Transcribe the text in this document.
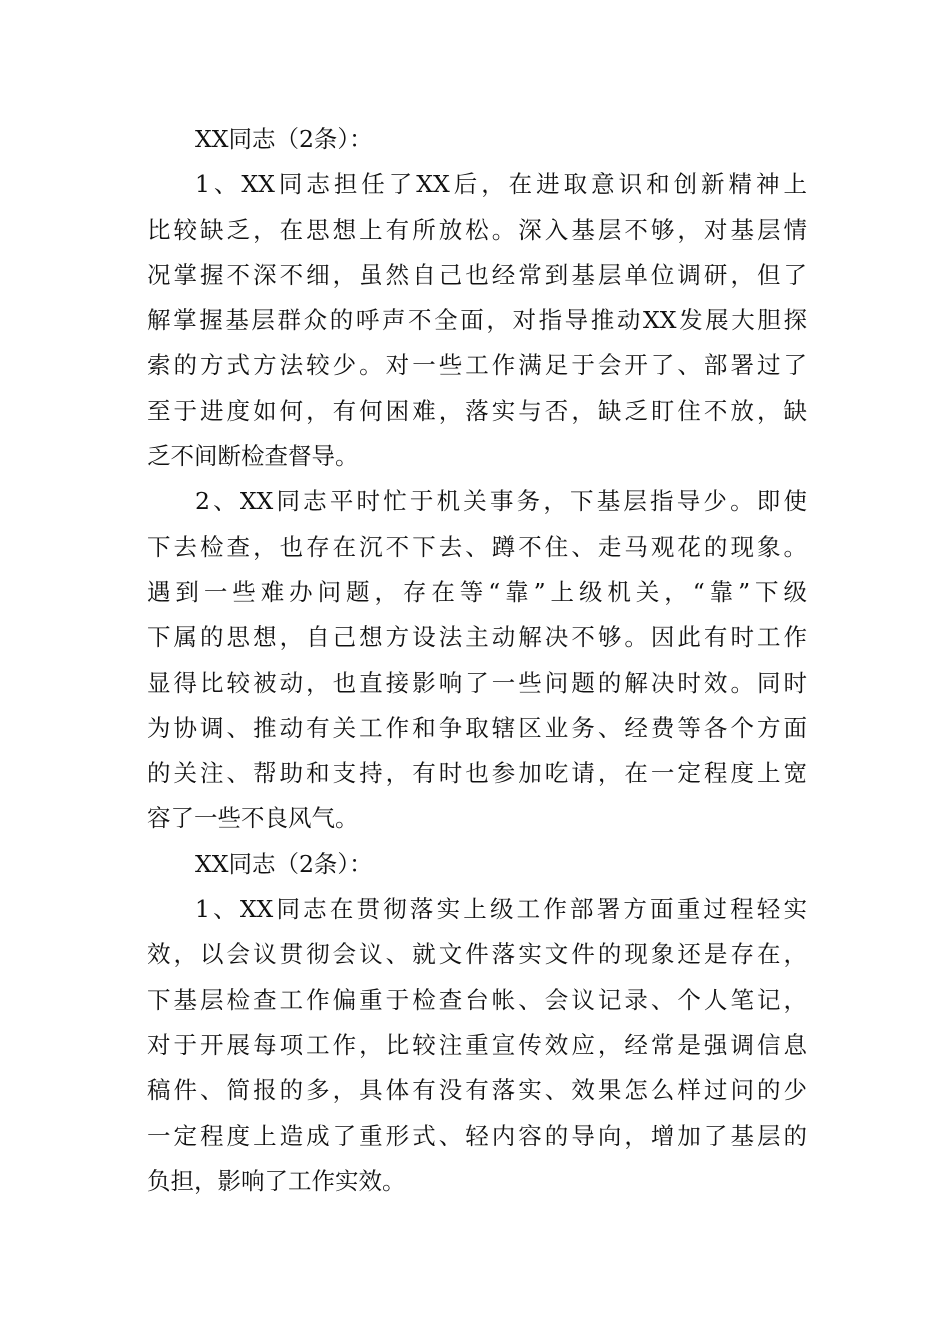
XX同志（2条）：
1、XX同志担任了XX后，在进取意识和创新精神上
比较缺乏，在思想上有所放松。深入基层不够，对基层情
况掌握不深不细，虽然自己也经常到基层单位调研，但了
解掌握基层群众的呼声不全面，对指导推动XX发展大胆探
索的方式方法较少。对一些工作满足于会开了、部署过了
至于进度如何，有何困难，落实与否，缺乏盯住不放，缺
乏不间断检查督导。
2、XX同志平时忙于机关事务，下基层指导少。即使
下去检查，也存在沉不下去、蹲不住、走马观花的现象。
遇到一些难办问题，存在等“靠”上级机关，“靠”下级
下属的思想，自己想方设法主动解决不够。因此有时工作
显得比较被动，也直接影响了一些问题的解决时效。同时
为协调、推动有关工作和争取辖区业务、经费等各个方面
的关注、帮助和支持，有时也参加吃请，在一定程度上宽
容了一些不良风气。
XX同志（2条）：
1、XX同志在贯彻落实上级工作部署方面重过程轻实
效，以会议贯彻会议、就文件落实文件的现象还是存在，
下基层检查工作偏重于检查台帐、会议记录、个人笔记，
对于开展每项工作，比较注重宣传效应，经常是强调信息
稿件、简报的多，具体有没有落实、效果怎么样过问的少
一定程度上造成了重形式、轻内容的导向，增加了基层的
负担，影响了工作实效。
